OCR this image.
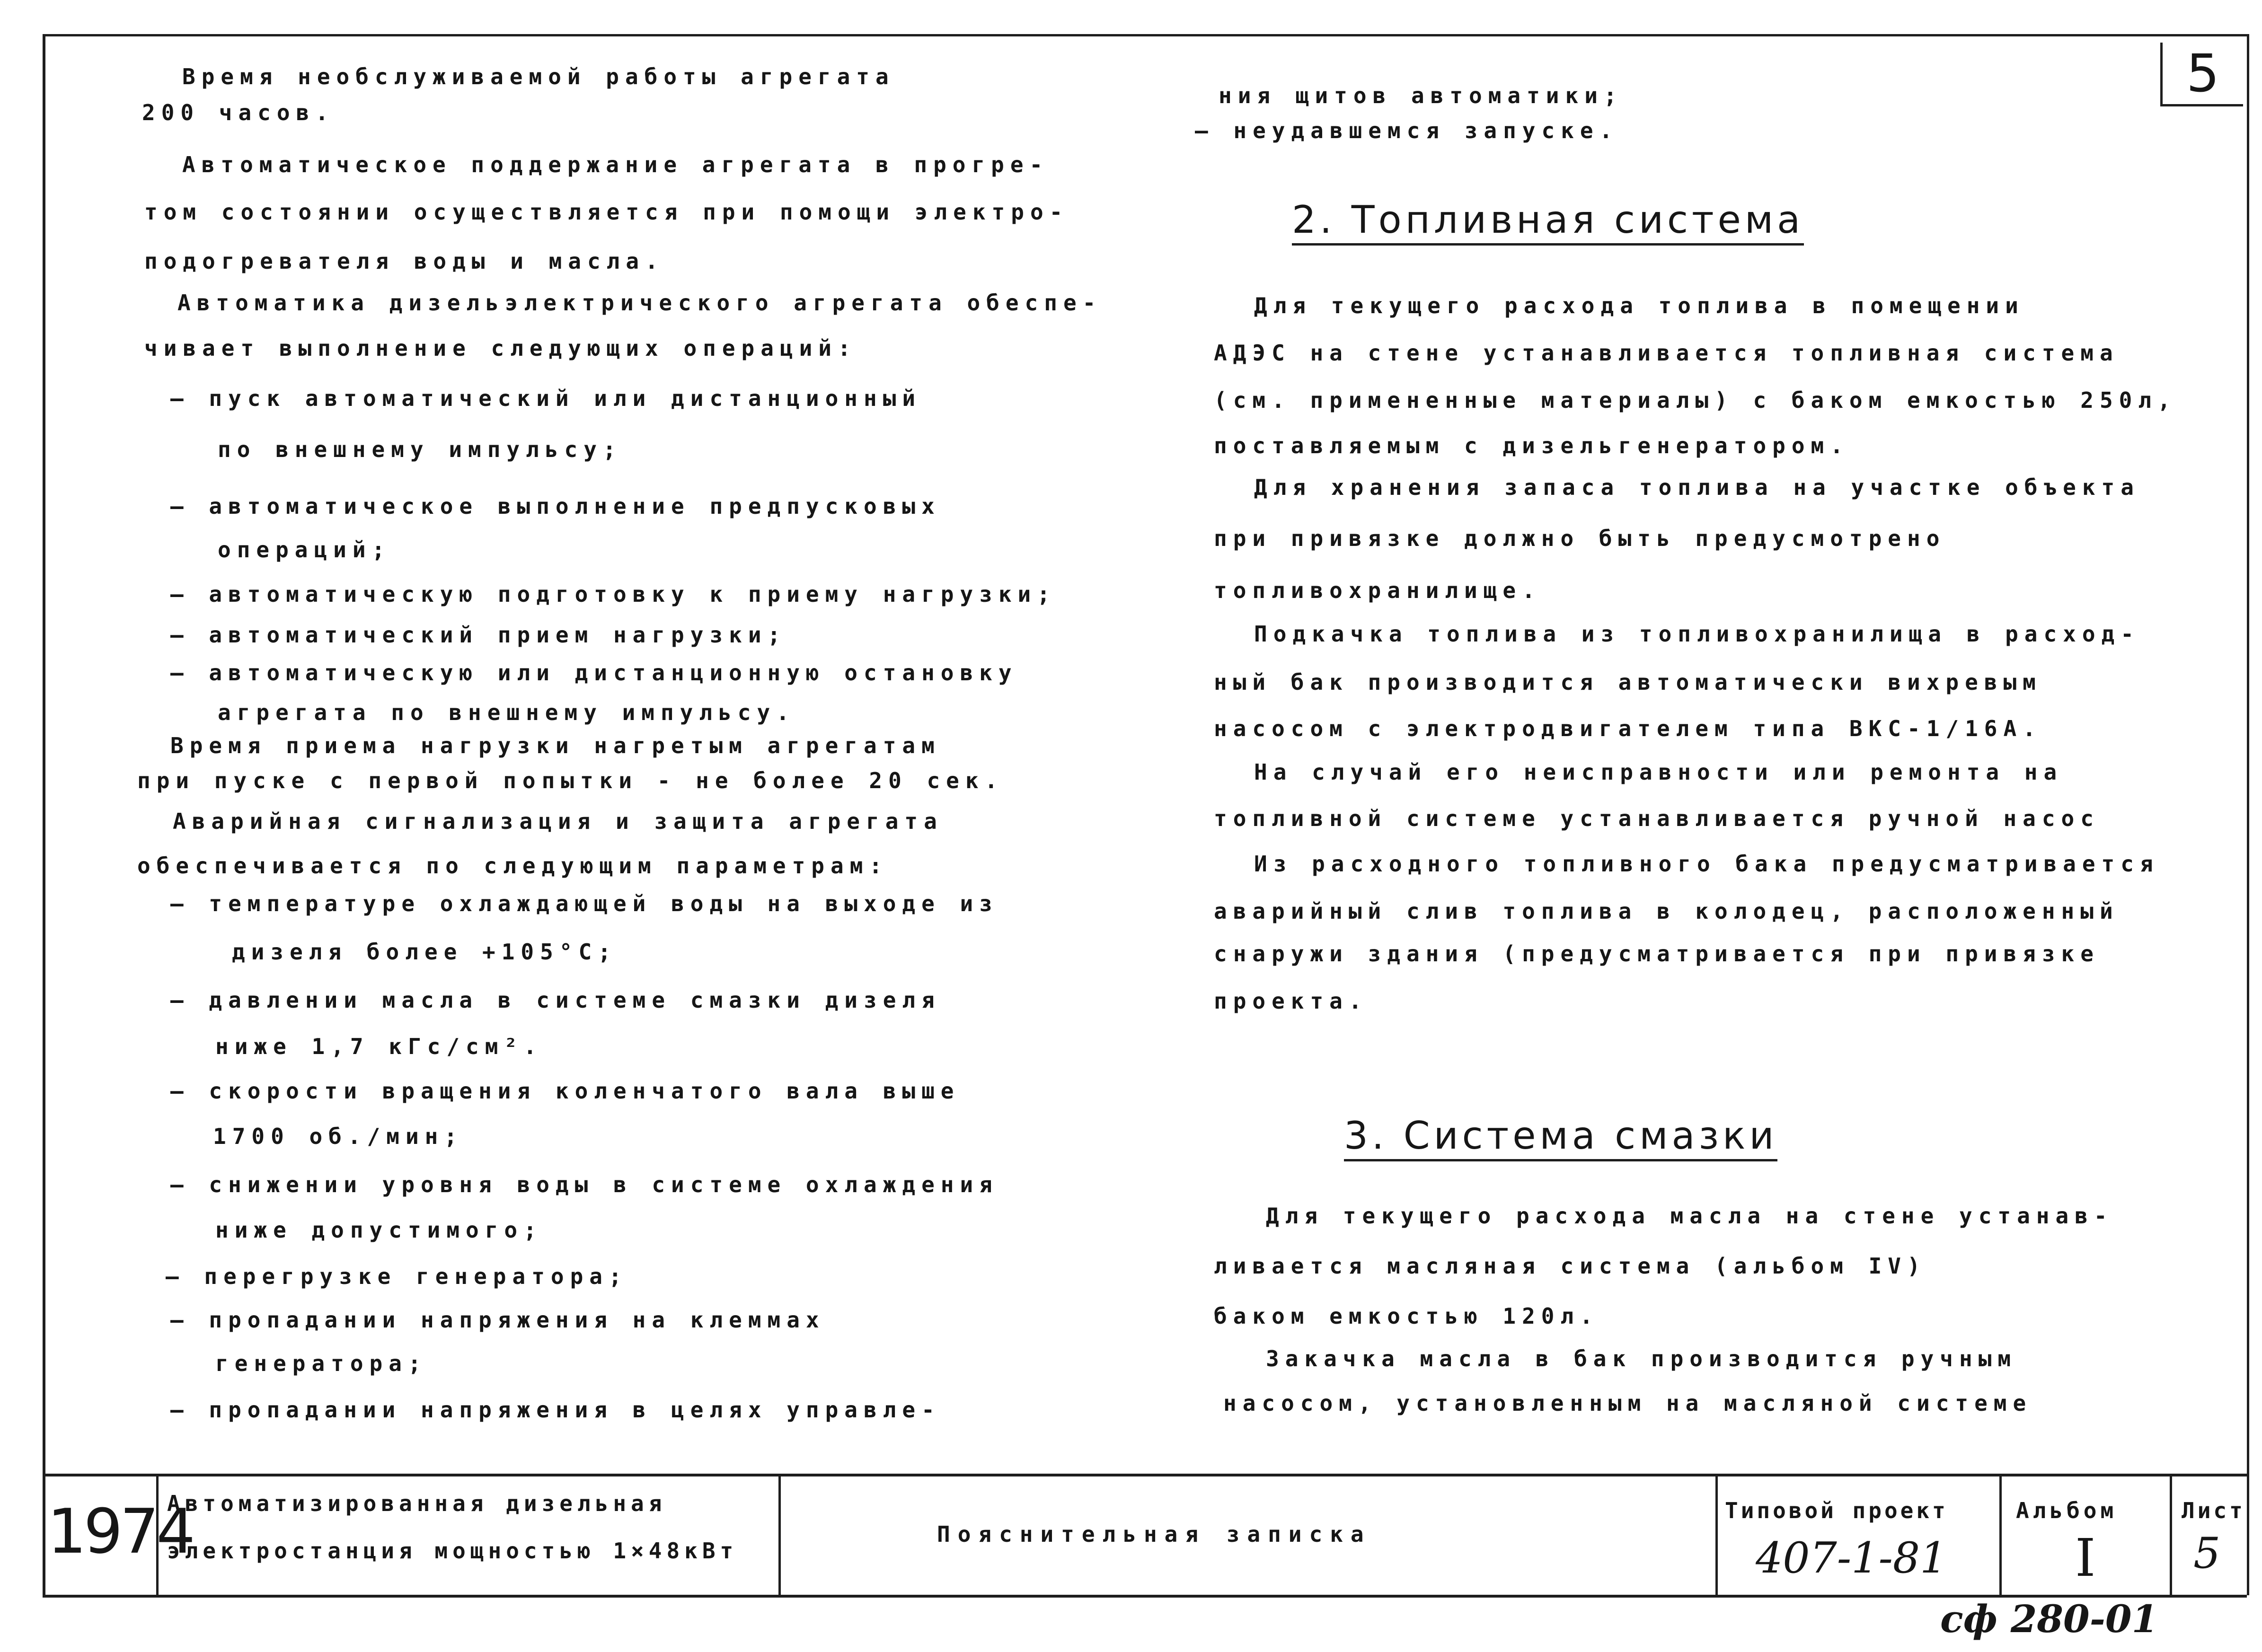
5
Время необслуживаемой работы агрегата
200 часов.
Автоматическое поддержание агрегата в прогре-
том состоянии осуществляется при помощи электро-
подогревателя воды и масла.
Автоматика дизельэлектрического агрегата обеспе-
чивает выполнение следующих операций:
— пуск автоматический или дистанционный
по внешнему импульсу;
— автоматическое выполнение предпусковых
операций;
— автоматическую подготовку к приему нагрузки;
— автоматический прием нагрузки;
— автоматическую или дистанционную остановку
агрегата по внешнему импульсу.
Время приема нагрузки нагретым агрегатам
при пуске с первой попытки - не более 20 сек.
Аварийная сигнализация и защита агрегата
обеспечивается по следующим параметрам:
— температуре охлаждающей воды на выходе из
дизеля более +105°С;
— давлении масла в системе смазки дизеля
ниже 1,7 кГс/см².
— скорости вращения коленчатого вала выше
1700 об./мин;
— снижении уровня воды в системе охлаждения
ниже допустимого;
— перегрузке генератора;
— пропадании напряжения на клеммах
генератора;
— пропадании напряжения в целях управле-
ния щитов автоматики;
— неудавшемся запуске.
2. Топливная система
Для текущего расхода топлива в помещении
АДЭС на стене устанавливается топливная система
(см. примененные материалы) с баком емкостью 250л,
поставляемым с дизельгенератором.
Для хранения запаса топлива на участке объекта
при привязке должно быть предусмотрено
топливохранилище.
Подкачка топлива из топливохранилища в расход-
ный бак производится автоматически вихревым
насосом с электродвигателем типа ВКС-1/16А.
На случай его неисправности или ремонта на
топливной системе устанавливается ручной насос
Из расходного топливного бака предусматривается
аварийный слив топлива в колодец, расположенный
снаружи здания (предусматривается при привязке
проекта.
3. Система смазки
Для текущего расхода масла на стене устанав-
ливается масляная система (альбом IV)
баком емкостью 120л.
Закачка масла в бак производится ручным
насосом, установленным на масляной системе
1974
Автоматизированная дизельная
электростанция мощностью 1×48кВт
Пояснительная записка
Типовой проект
407-1-81
Альбом
I
Лист
5
сф 280-01
